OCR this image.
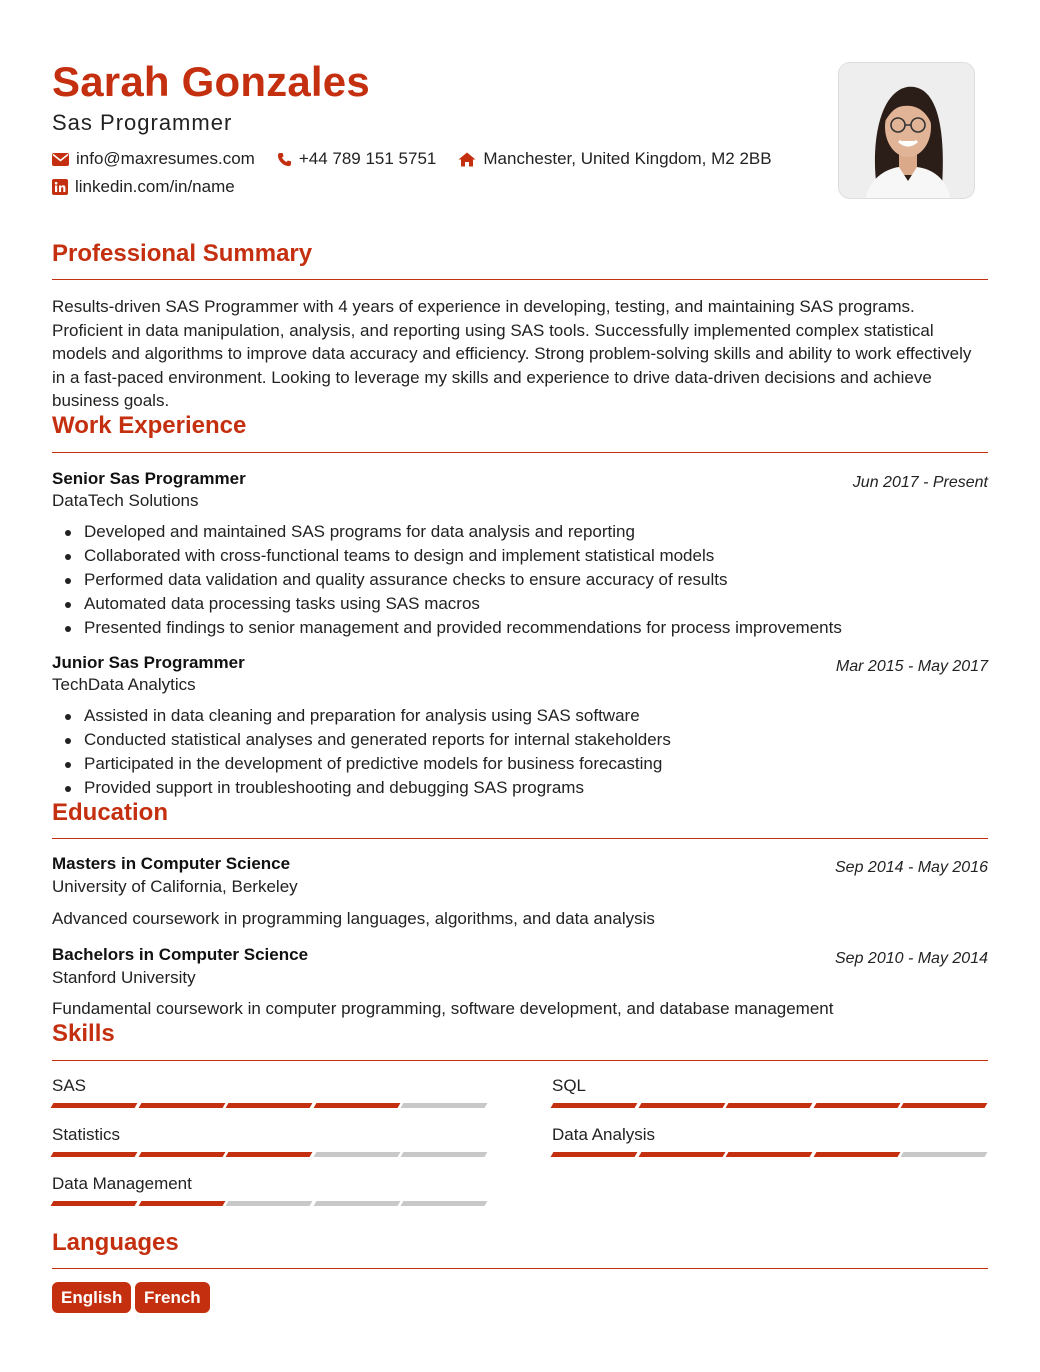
Sarah Gonzales
Sas Programmer
info@maxresumes.com	+44 789 151 5751	Manchester, United Kingdom, M2 2BB
linkedin.com/in/name
Professional Summary
Results-driven SAS Programmer with 4 years of experience in developing, testing, and maintaining SAS programs. Proficient in data manipulation, analysis, and reporting using SAS tools. Successfully implemented complex statistical models and algorithms to improve data accuracy and efficiency. Strong problem-solving skills and ability to work effectively in a fast-paced environment. Looking to leverage my skills and experience to drive data-driven decisions and achieve business goals.
Work Experience
Senior Sas Programmer	Jun 2017 - Present
DataTech Solutions
Developed and maintained SAS programs for data analysis and reporting
Collaborated with cross-functional teams to design and implement statistical models
Performed data validation and quality assurance checks to ensure accuracy of results
Automated data processing tasks using SAS macros
Presented findings to senior management and provided recommendations for process improvements
Junior Sas Programmer	Mar 2015 - May 2017
TechData Analytics
Assisted in data cleaning and preparation for analysis using SAS software
Conducted statistical analyses and generated reports for internal stakeholders
Participated in the development of predictive models for business forecasting
Provided support in troubleshooting and debugging SAS programs
Education
Masters in Computer Science	Sep 2014 - May 2016
University of California, Berkeley
Advanced coursework in programming languages, algorithms, and data analysis
Bachelors in Computer Science	Sep 2010 - May 2014
Stanford University
Fundamental coursework in computer programming, software development, and database management
Skills
SAS	SQL
Statistics	Data Analysis
Data Management
Languages
English	French
